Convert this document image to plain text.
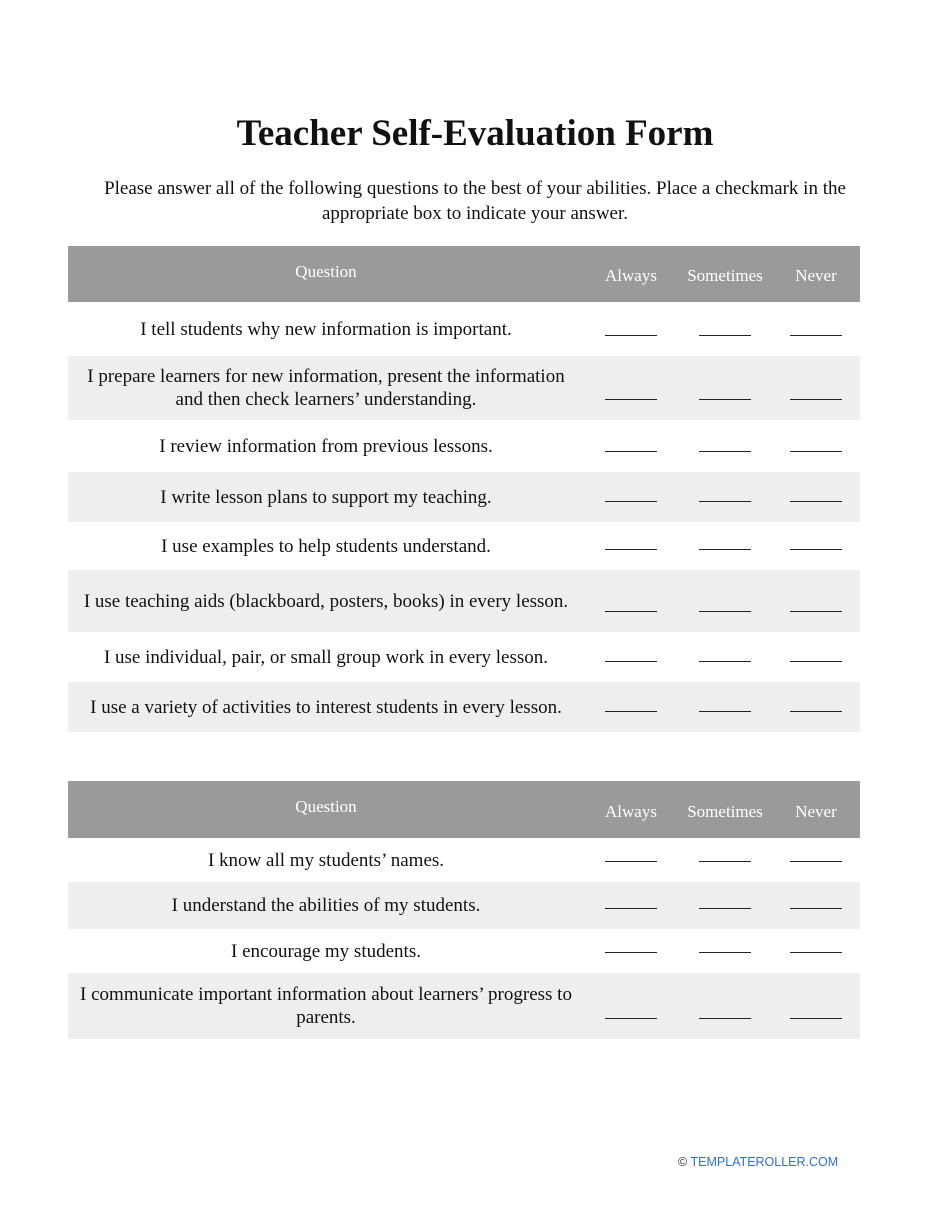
Teacher Self-Evaluation Form
Please answer all of the following questions to the best of your abilities. Place a checkmark in the appropriate box to indicate your answer.
Question	Always	Sometimes	Never

I tell students why new information is important.			

I prepare learners for new information, present the information and then check learners’ understanding.			

I review information from previous lessons.			

I write lesson plans to support my teaching.			

I use examples to help students understand.			

I use teaching aids (blackboard, posters, books) in every lesson.			

I use individual, pair, or small group work in every lesson.			

I use a variety of activities to interest students in every lesson.			

Question	Always	Sometimes	Never

I know all my students’ names.			

I understand the abilities of my students.			

I encourage my students.			

I communicate important information about learners’ progress to parents.			

© TEMPLATEROLLER.COM
